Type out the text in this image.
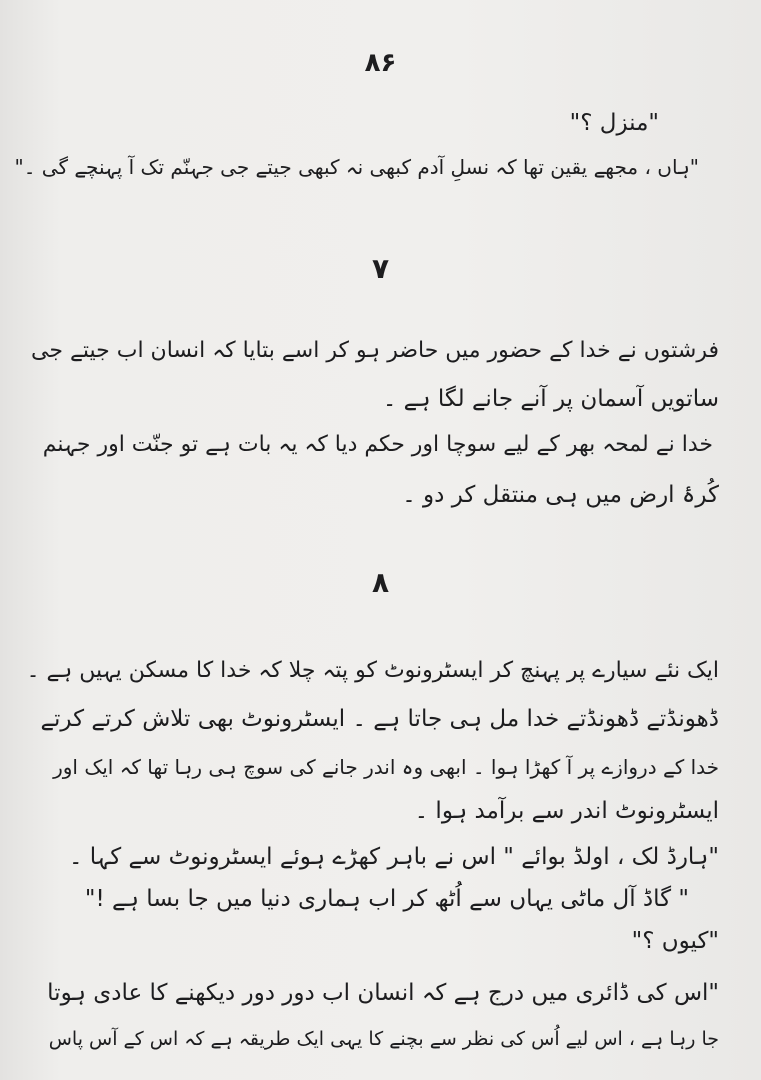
۸۶
"منزل ؟"
"ہاں ، مجھے یقین تھا کہ نسلِ آدم کبھی نہ کبھی جیتے جی جہنّم تک آ پہنچے گی ۔"
۷
فرشتوں نے خدا کے حضور میں حاضر ہو کر اسے بتایا کہ انسان اب جیتے جی
ساتویں آسمان پر آنے جانے لگا ہے ۔
خدا نے لمحہ بھر کے لیے سوچا اور حکم دیا کہ یہ بات ہے تو جنّت اور جہنم
کُرۂ ارض میں ہی منتقل کر دو ۔
۸
ایک نئے سیارے پر پہنچ کر ایسٹرونوٹ کو پتہ چلا کہ خدا کا مسکن یہیں ہے ۔
ڈھونڈتے ڈھونڈتے خدا مل ہی جاتا ہے ۔ ایسٹرونوٹ بھی تلاش کرتے کرتے
خدا کے دروازے پر آ کھڑا ہوا ۔ ابھی وہ اندر جانے کی سوچ ہی رہا تھا کہ ایک اور
ایسٹرونوٹ اندر سے برآمد ہوا ۔
"ہارڈ لک ، اولڈ بوائے " اس نے باہر کھڑے ہوئے ایسٹرونوٹ سے کہا ۔
" گاڈ آل ماٹی یہاں سے اُٹھ کر اب ہماری دنیا میں جا بسا ہے !"
"کیوں ؟"
"اس کی ڈائری میں درج ہے کہ انسان اب دور دور دیکھنے کا عادی ہوتا
جا رہا ہے ، اس لیے اُس کی نظر سے بچنے کا یہی ایک طریقہ ہے کہ اس کے آس پاس
